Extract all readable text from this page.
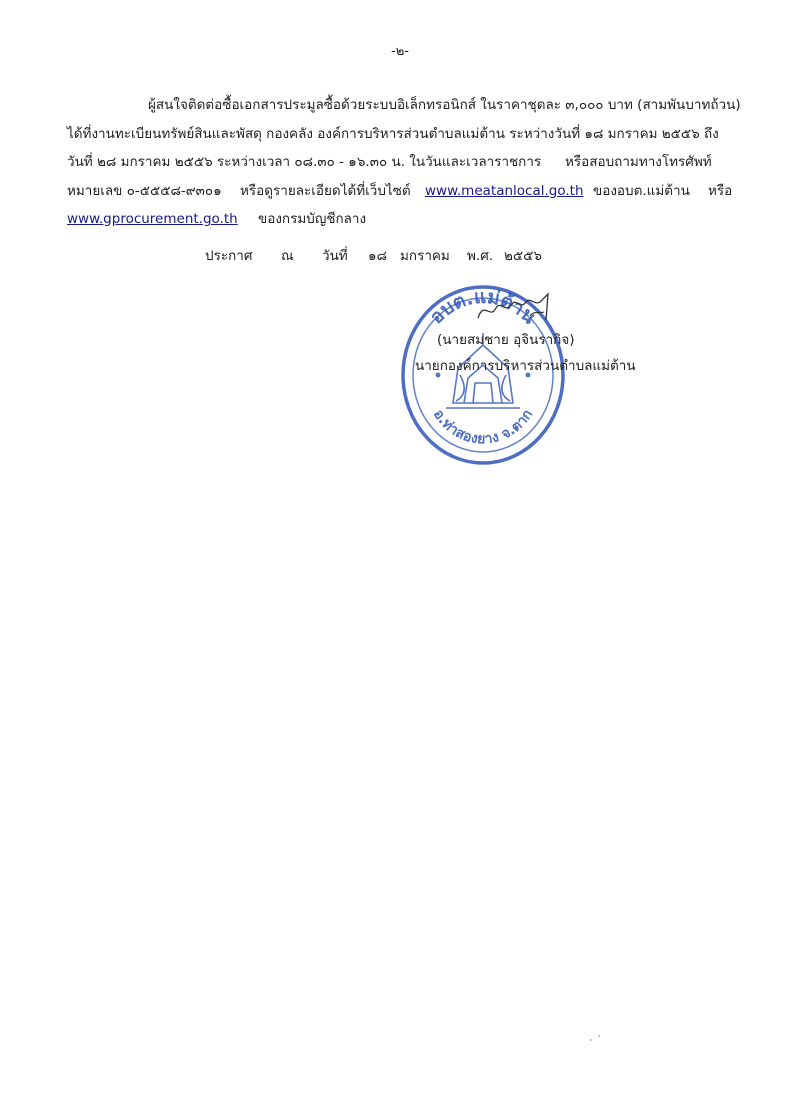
-๒-
ผู้สนใจติดต่อซื้อเอกสารประมูลซื้อด้วยระบบอิเล็กทรอนิกส์ ในราคาชุดละ ๓,๐๐๐ บาท (สามพันบาทถ้วน)
ได้ที่งานทะเบียนทรัพย์สินและพัสดุ กองคลัง องค์การบริหารส่วนตำบลแม่ต้าน ระหว่างวันที่ ๑๘ มกราคม ๒๕๕๖ ถึง
วันที่ ๒๘ มกราคม ๒๕๕๖ ระหว่างเวลา ๐๘.๓๐ - ๑๖.๓๐ น. ในวันและเวลาราชการ หรือสอบถามทางโทรศัพท์
หมายเลข ๐-๕๕๕๘-๙๓๐๑ หรือดูรายละเอียดได้ที่เว็บไซต์ www.meatanlocal.go.th ของอบต.แม่ต้าน หรือ
www.gprocurement.go.th ของกรมบัญชีกลาง
ประกาศ ณ วันที่ ๑๘ มกราคม พ.ศ. ๒๕๕๖
อบต.แม่ต้าน
อ.ท่าสองยาง จ.ตาก
(นายสมชาย อุจินรากิจ)
นายกองค์การบริหารส่วนตำบลแม่ต้าน
